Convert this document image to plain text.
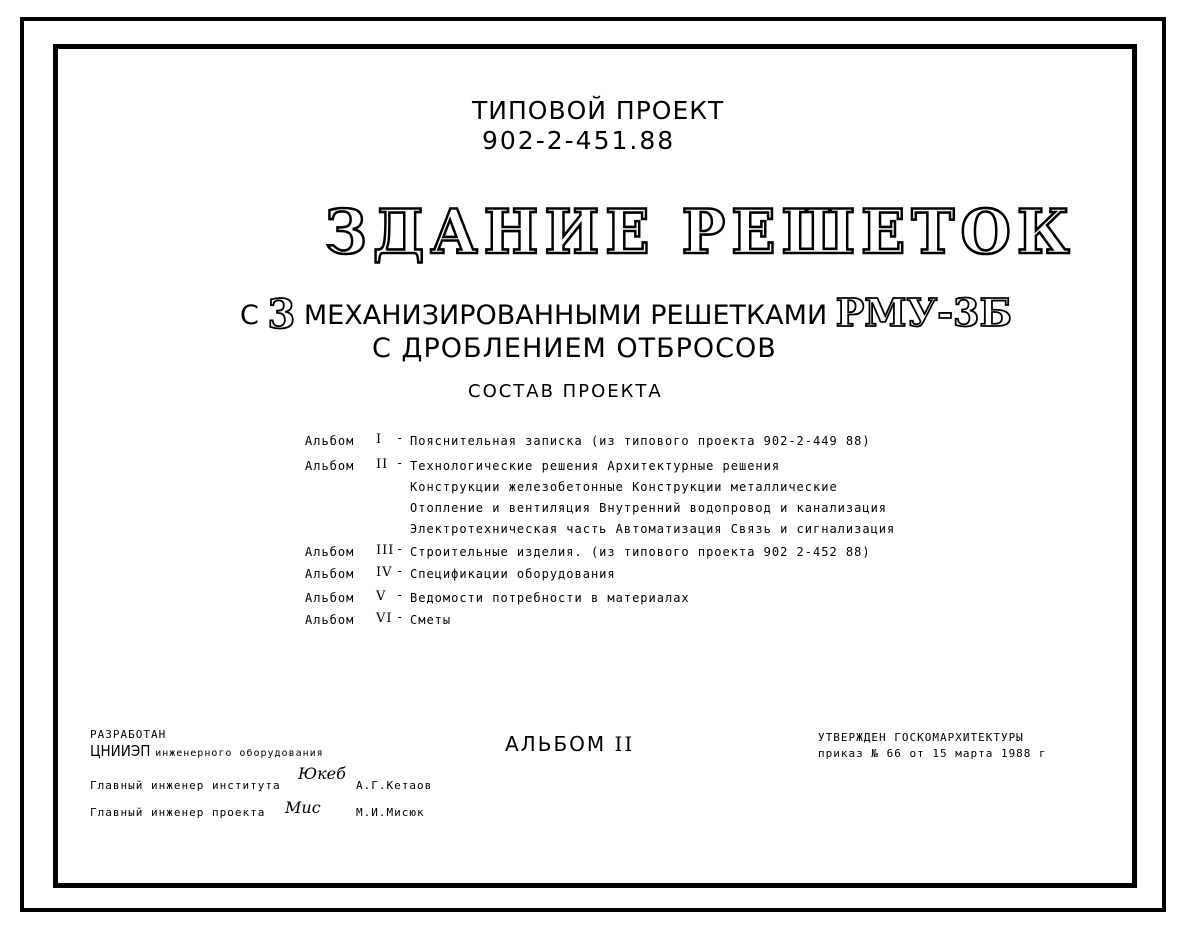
ТИПОВОЙ ПРОЕКТ
902-2-451.88
ЗДАНИЕ РЕШЕТОК
С 3 МЕХАНИЗИРОВАННЫМИ РЕШЕТКАМИ РМУ-3Б
С ДРОБЛЕНИЕМ ОТБРОСОВ
СОСТАВ ПРОЕКТА
Альбом I - Пояснительная записка (из типового проекта 902-2-449 88)
Альбом II - Технологические решения Архитектурные решения
Конструкции железобетонные Конструкции металлические
Отопление и вентиляция Внутренний водопровод и канализация
Электротехническая часть Автоматизация Связь и сигнализация
Альбом III - Строительные изделия. (из типового проекта 902 2-452 88)
Альбом IV - Спецификации оборудования
Альбом V - Ведомости потребности в материалах
Альбом VI - Сметы
РАЗРАБОТАН
ЦНИИЭП инженерного оборудования
Главный инженер института
Юкеб
А.Г.Кетаов
Главный инженер проекта Мис	М.И.Мисюк
АЛЬБОМ II	УТВЕРЖДЕН ГОСКОМАРХИТЕКТУРЫ
приказ № 66 от 15 марта 1988 г
